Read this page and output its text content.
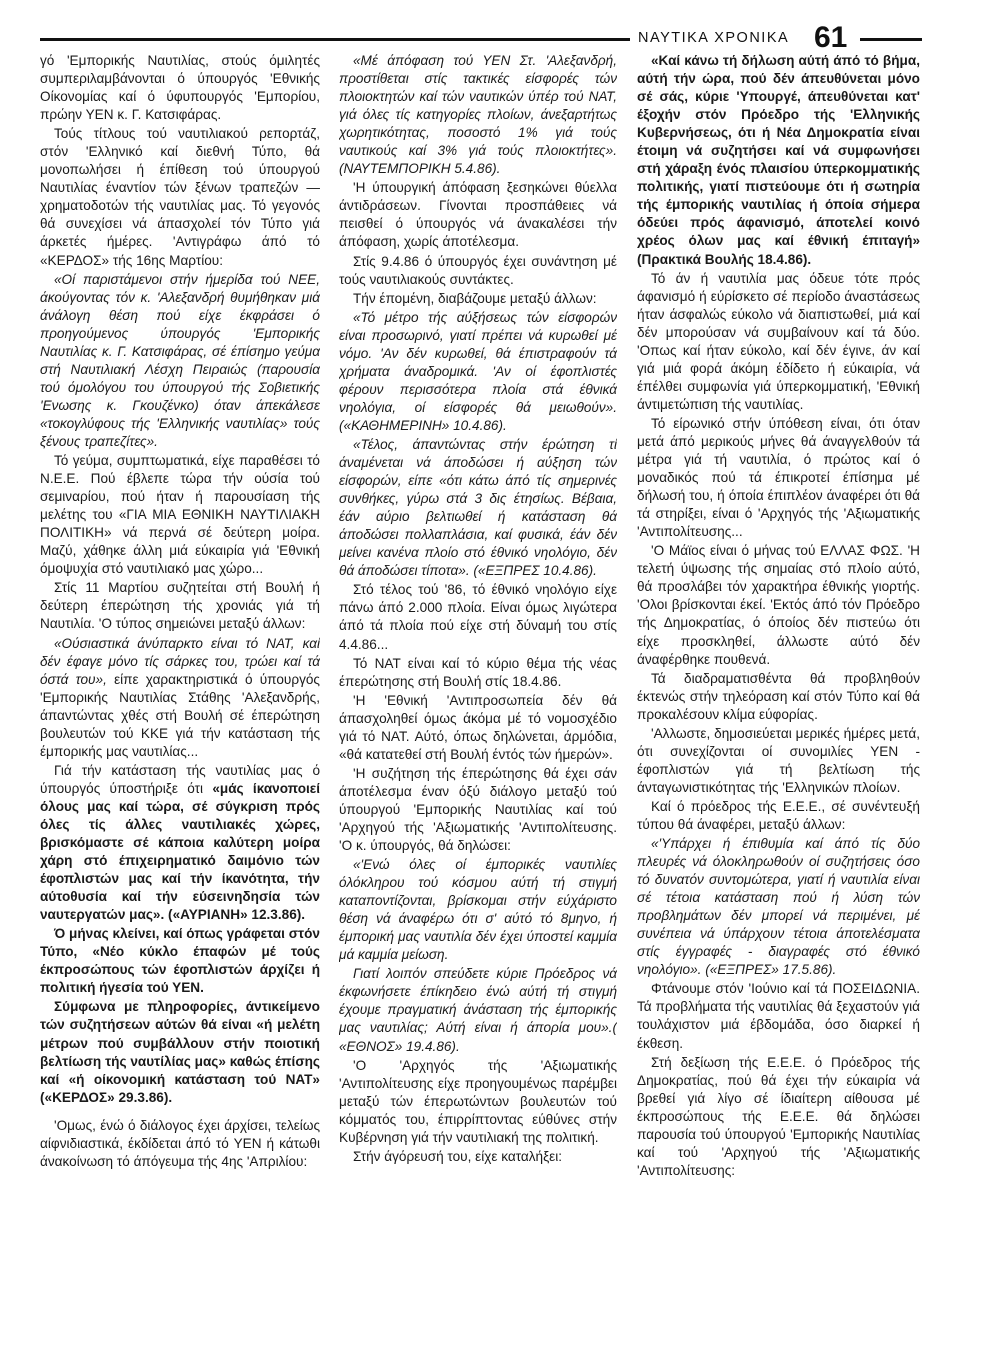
ΝΑΥΤΙΚΑ ΧΡΟΝΙΚΑ 61

γό 'Εμπορικής Ναυτιλίας, στούς όμιλητές συμπεριλαμβάνονται ό ύπουργός 'Εθνικής Οίκονομίας καί ό ύφυπουργός 'Εμπορίου, πρώην ΥΕΝ κ. Γ. Κατσιφάρας.

Τούς τίτλους τού ναυτιλιακού ρεπορτάζ, στόν 'Ελληνικό καί διεθνή Τύπο, θά μονοπωλήσει ή έπίθεση τού ύπουργού Ναυτιλίας έναντίον τών ξένων τραπεζών — χρηματοδοτών τής ναυτιλίας μας. Τό γεγονός θά συνεχίσει νά άπασχολεί τόν Τύπο γιά άρκετές ήμέρες. 'Αντιγράφω άπό τό «ΚΕΡΔΟΣ» τής 16ης Μαρτίου:

«Οί παριστάμενοι στήν ήμερίδα τού ΝΕΕ, άκούγοντας τόν κ. 'Αλεξανδρή θυμήθηκαν μιά άνάλογη θέση πού είχε έκφράσει ό προηγούμενος ύπουργός 'Εμπορικής Ναυτιλίας κ. Γ. Κατσιφάρας, σέ έπίσημο γεύμα στή Ναυτιλιακή Λέσχη Πειραιώς (παρουσία τού όμολόγου του ύπουργού τής Σοβιετικής 'Ενωσης κ. Γκουζένκο) όταν άπεκάλεσε «τοκογλύφους τής 'Ελληνικής ναυτιλίας» τούς ξένους τραπεζίτες».

Τό γεύμα, συμπτωματικά, είχε παραθέσει τό Ν.Ε.Ε. Πού έβλεπε τώρα τήν ούσία τού σεμιναρίου, πού ήταν ή παρουσίαση τής μελέτης του «ΓΙΑ ΜΙΑ ΕΘΝΙΚΗ ΝΑΥΤΙΛΙΑΚΗ ΠΟΛΙΤΙΚΗ» νά περνά σέ δεύτερη μοίρα. Μαζύ, χάθηκε άλλη μιά εύκαιρία γιά 'Εθνική όμοψυχία στό ναυτιλιακό μας χώρο...

Στίς 11 Μαρτίου συζητείται στή Βουλή ή δεύτερη έπερώτηση τής χρονιάς γιά τή Ναυτιλία. 'Ο τύπος σημειώνει μεταξύ άλλων:

«Ούσιαστικά άνύπαρκτο είναι τό ΝΑΤ, καί δέν έφαγε μόνο τίς σάρκες του, τρώει καί τά όστά του», είπε χαρακτηριστικά ό ύπουργός 'Εμπορικής Ναυτιλίας Στάθης 'Αλεξανδρής, άπαντώντας χθές στή Βουλή σέ έπερώτηση βουλευτών τού ΚΚΕ γιά τήν κατάσταση τής έμπορικής μας ναυτιλίας...

Γιά τήν κατάσταση τής ναυτιλίας μας ό ύπουργός ύποστήριξε ότι «μάς ίκανοποιεί όλους μας καί τώρα, σέ σύγκριση πρός όλες τίς άλλες ναυτιλιακές χώρες, βρισκόμαστε σέ κάποια καλύτερη μοίρα χάρη στό έπιχειρηματικό δαιμόνιο τών έφοπλιστών μας καί τήν ίκανότητα, τήν αύτοθυσία καί τήν εύσεινηδησία τών ναυτεργατών μας». («ΑΥΡΙΑΝΗ» 12.3.86).

Ό μήνας κλείνει, καί όπως γράφεται στόν Τύπο, «Νέο κύκλο έπαφών μέ τούς έκπροσώπους τών έφοπλιστών άρχίζει ή πολιτική ήγεσία τού ΥΕΝ.

Σύμφωνα με πληροφορίες, άντικείμενο τών συζητήσεων αύτών θά είναι «ή μελέτη μέτρων πού συμβάλλουν στήν ποιοτική βελτίωση τής ναυτίλίας μας» καθώς έπίσης καί «ή οίκονομική κατάσταση τού ΝΑΤ» («ΚΕΡΔΟΣ» 29.3.86).

'Ομως, ένώ ό διάλογος έχει άρχίσει, τελείως αίφνιδιαστικά, έκδίδεται άπό τό ΥΕΝ ή κάτωθι άνακοίνωση τό άπόγευμα τής 4ης 'Απριλίου:

«Μέ άπόφαση τού ΥΕΝ Στ. 'Αλεξανδρή, προστίθεται στίς τακτικές είσφορές τών πλοιοκτητών καί τών ναυτικών ύπέρ τού ΝΑΤ, γιά όλες τίς κατηγορίες πλοίων, άνεξαρτήτως χωρητικότητας, ποσοστό 1% γιά τούς ναυτικούς καί 3% γιά τούς πλοιοκτήτες». (ΝΑΥΤΕΜΠΟΡΙΚΗ 5.4.86).

'Η ύπουργική άπόφαση ξεσηκώνει θύελλα άντιδράσεων. Γίνονται προσπάθειες νά πεισθεί ό ύπουργός νά άνακαλέσει τήν άπόφαση, χωρίς άποτέλεσμα.

Στίς 9.4.86 ό ύπουργός έχει συνάντηση μέ τούς ναυτιλιακούς συντάκτες.

Τήν έπομένη, διαβάζουμε μεταξύ άλλων:

«Τό μέτρο τής αύξήσεως τών είσφορών είναι προσωρινό, γιατί πρέπει νά κυρωθεί μέ νόμο. 'Αν δέν κυρωθεί, θά έπιστραφούν τά χρήματα άναδρομικά. 'Αν οί έφοπλιστές φέρουν περισσότερα πλοία στά έθνικά νηολόγια, οί είσφορές θά μειωθούν». («ΚΑΘΗΜΕΡΙΝΗ» 10.4.86).

«Τέλος, άπαντώντας στήν έρώτηση τί άναμένεται νά άποδώσει ή αύξηση τών είσφορών, είπε «ότι κάτω άπό τίς σημερινές συνθήκες, γύρω στά 3 δις έτησίως. Βέβαια, έάν αύριο βελτιωθεί ή κατάσταση θά άποδώσει πολλαπλάσια, καί φυσικά, έάν δέν μείνει κανένα πλοίο στό έθνικό νηολόγιο, δέν θά άποδώσει τίποτα». («ΕΞΠΡΕΣ 10.4.86).

Στό τέλος τού '86, τό έθνικό νηολόγιο είχε πάνω άπό 2.000 πλοία. Είναι όμως λιγώτερα άπό τά πλοία πού είχε στή δύναμή του στίς 4.4.86...

Τό ΝΑΤ είναι καί τό κύριο θέμα τής νέας έπερώτησης στή Βουλή στίς 18.4.86.

'Η 'Εθνική 'Αντιπροσωπεία δέν θά άπασχοληθεί όμως άκόμα μέ τό νομοσχέδιο γιά τό ΝΑΤ. Αύτό, όπως δηλώνεται, άρμόδια, «θά κατατεθεί στή Βουλή έντός τών ήμερών».

'Η συζήτηση τής έπερώτησης θά έχει σάν άποτέλεσμα έναν όξύ διάλογο μεταξύ τού ύπουργού 'Εμπορικής Ναυτιλίας καί τού 'Αρχηγού τής 'Αξιωματικής 'Αντιπολίτευσης. 'Ο κ. ύπουργός, θά δηλώσει:

«'Ενώ όλες οί έμπορικές ναυτιλίες όλόκληρου τού κόσμου αύτή τή στιγμή καταποντίζονται, βρίσκομαι στήν εύχάριστο θέση νά άναφέρω ότι σ' αύτό τό 8μηνο, ή έμπορική μας ναυτιλία δέν έχει ύποστεί καμμία μά καμμία μείωση.

Γιατί λοιπόν σπεύδετε κύριε Πρόεδρος νά έκφωνήσετε έπίκηδειο ένώ αύτή τή στιγμή έχουμε πραγματική άνάσταση τής έμπορικής μας ναυτιλίας; Αύτή είναι ή άπορία μου».( «ΕΘΝΟΣ» 19.4.86).

'Ο 'Αρχηγός τής 'Αξιωματικής 'Αντιπολίτευσης είχε προηγουμένως παρέμβει μεταξύ τών έπερωτώντων βουλευτών τού κόμματός του, έπιρρίπτοντας εύθύνες στήν Κυβέρνηση γιά τήν ναυτιλιακή της πολιτική.

Στήν άγόρευσή του, είχε καταλήξει:

«Καί κάνω τή δήλωση αύτή άπό τό βήμα, αύτή τήν ώρα, πού δέν άπευθύνεται μόνο σέ σάς, κύριε 'Υπουργέ, άπευθύνεται κατ' έξοχήν στόν Πρόεδρο τής 'Ελληνικής Κυβερνήσεως, ότι ή Νέα Δημοκρατία είναι έτοιμη νά συζητήσει καί νά συμφωνήσει στή χάραξη ένός πλαισίου ύπερκομματικής πολιτικής, γιατί πιστεύουμε ότι ή σωτηρία τής έμπορικής ναυτιλίας ή όποία σήμερα όδεύει πρός άφανισμό, άποτελεί κοινό χρέος όλων μας καί έθνική έπιταγή» (Πρακτικά Βουλής 18.4.86).

Τό άν ή ναυτιλία μας όδευε τότε πρός άφανισμό ή εύρίσκετο σέ περίοδο άναστάσεως ήταν άσφαλώς εύκολο νά διαπιστωθεί, μιά καί δέν μπορούσαν νά συμβαίνουν καί τά δύο. 'Οπως καί ήταν εύκολο, καί δέν έγινε, άν καί γιά μιά φορά άκόμη έδίδετο ή εύκαιρία, νά έπέλθει συμφωνία γιά ύπερκομματική, 'Εθνική άντιμετώπιση τής ναυτιλίας.

Τό είρωνικό στήν ύπόθεση είναι, ότι όταν μετά άπό μερικούς μήνες θά άναγγελθούν τά μέτρα γιά τή ναυτιλία, ό πρώτος καί ό μοναδικός πού τά έπικροτεί έπίσημα μέ δήλωσή του, ή όποία έπιπλέον άναφέρει ότι θά τά στηρίξει, είναι ό 'Αρχηγός τής 'Αξιωματικής 'Αντιπολίτευσης...

'Ο Μάϊος είναι ό μήνας τού ΕΛΛΑΣ ΦΩΣ. 'Η τελετή ύψωσης τής σημαίας στό πλοίο αύτό, θά προσλάβει τόν χαρακτήρα έθνικής γιορτής. 'Ολοι βρίσκονται έκεί. 'Εκτός άπό τόν Πρόεδρο τής Δημοκρατίας, ό όποίος δέν πιστεύω ότι είχε προσκληθεί, άλλωστε αύτό δέν άναφέρθηκε πουθενά.

Τά διαδραματισθέντα θά προβληθούν έκτενώς στήν τηλεόραση καί στόν Τύπο καί θά προκαλέσουν κλίμα εύφορίας.

'Αλλωστε, δημοσιεύεται μερικές ήμέρες μετά, ότι συνεχίζονται οί συνομιλίες ΥΕΝ - έφοπλιστών γιά τή βελτίωση τής άνταγωνιστικότητας τής 'Ελληνικών πλοίων.

Καί ό πρόεδρος τής Ε.Ε.Ε., σέ συνέντευξή τύπου θά άναφέρει, μεταξύ άλλων:

«'Υπάρχει ή έπιθυμία καί άπό τίς δύο πλευρές νά όλοκληρωθούν οί συζητήσεις όσο τό δυνατόν συντομώτερα, γιατί ή ναυτιλία είναι σέ τέτοια κατάσταση πού ή λύση τών προβλημάτων δέν μπορεί νά περιμένει, μέ συνέπεια νά ύπάρχουν τέτοια άποτελέσματα στίς έγγραφές - διαγραφές στό έθνικό νηολόγιο». («ΕΞΠΡΕΣ» 17.5.86).

Φτάνουμε στόν 'Ιούνιο καί τά ΠΟΣΕΙΔΩΝΙΑ. Τά προβλήματα τής ναυτιλίας θά ξεχαστούν γιά τουλάχιστον μιά έβδομάδα, όσο διαρκεί ή έκθεση.

Στή δεξίωση τής Ε.Ε.Ε. ό Πρόεδρος τής Δημοκρατίας, πού θά έχει τήν εύκαιρία νά βρεθεί γιά λίγο σέ ίδιαίτερη αίθουσα μέ έκπροσώπους τής Ε.Ε.Ε. θά δηλώσει παρουσία τού ύπουργού 'Εμπορικής Ναυτιλίας καί τού 'Αρχηγού τής 'Αξιωματικής 'Αντιπολίτευσης:
